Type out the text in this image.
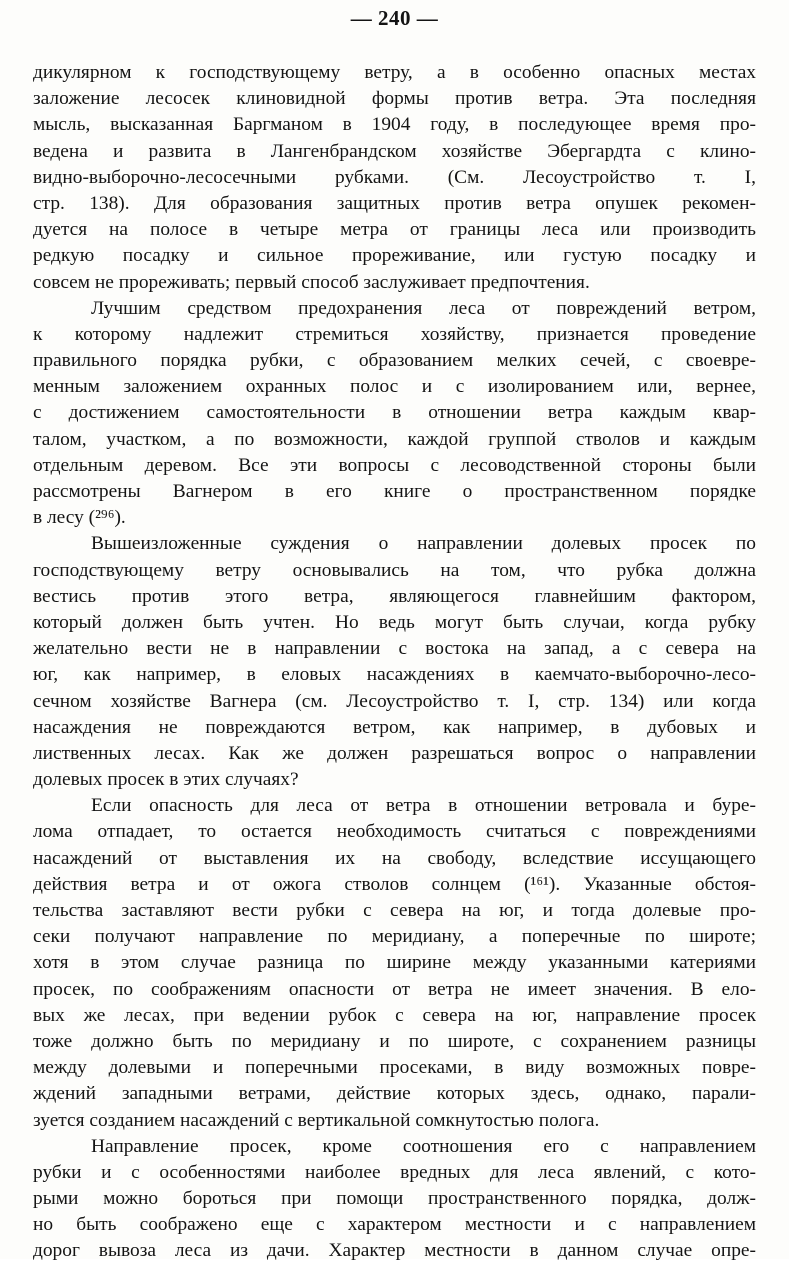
— 240 —
дикулярном к господствующему ветру, а в особенно опасных местах
заложение лесосек клиновидной формы против ветра. Эта последняя
мысль, высказанная Баргманом в 1904 году, в последующее время про-
ведена и развита в Лангенбрандском хозяйстве Эбергардта с клино-
видно-выборочно-лесосечными рубками. (См. Лесоустройство т. I,
стр. 138). Для образования защитных против ветра опушек рекомен-
дуется на полосе в четыре метра от границы леса или производить
редкую посадку и сильное прореживание, или густую посадку и
совсем не прореживать; первый способ заслуживает предпочтения.
Лучшим средством предохранения леса от повреждений ветром,
к которому надлежит стремиться хозяйству, признается проведение
правильного порядка рубки, с образованием мелких сечей, с своевре-
менным заложением охранных полос и с изолированием или, вернее,
с достижением самостоятельности в отношении ветра каждым квар-
талом, участком, а по возможности, каждой группой стволов и каждым
отдельным деревом. Все эти вопросы с лесоводственной стороны были
рассмотрены Вагнером в его книге о пространственном порядке
в лесу (²⁹⁶).
Вышеизложенные суждения о направлении долевых просек по
господствующему ветру основывались на том, что рубка должна
вестись против этого ветра, являющегося главнейшим фактором,
который должен быть учтен. Но ведь могут быть случаи, когда рубку
желательно вести не в направлении с востока на запад, а с севера на
юг, как например, в еловых насаждениях в каемчато-выборочно-лесо-
сечном хозяйстве Вагнера (см. Лесоустройство т. I, стр. 134) или когда
насаждения не повреждаются ветром, как например, в дубовых и
лиственных лесах. Как же должен разрешаться вопрос о направлении
долевых просек в этих случаях?
Если опасность для леса от ветра в отношении ветровала и буре-
лома отпадает, то остается необходимость считаться с повреждениями
насаждений от выставления их на свободу, вследствие иссущающего
действия ветра и от ожога стволов солнцем (¹⁶¹). Указанные обстоя-
тельства заставляют вести рубки с севера на юг, и тогда долевые про-
секи получают направление по меридиану, а поперечные по широте;
хотя в этом случае разница по ширине между указанными катериями
просек, по соображениям опасности от ветра не имеет значения. В ело-
вых же лесах, при ведении рубок с севера на юг, направление просек
тоже должно быть по меридиану и по широте, с сохранением разницы
между долевыми и поперечными просеками, в виду возможных повре-
ждений западными ветрами, действие которых здесь, однако, парали-
зуется созданием насаждений с вертикальной сомкнутостью полога.
Направление просек, кроме соотношения его с направлением
рубки и с особенностями наиболее вредных для леса явлений, с кото-
рыми можно бороться при помощи пространственного порядка, долж-
но быть соображено еще с характером местности и с направлением
дорог вывоза леса из дачи. Характер местности в данном случае опре-
